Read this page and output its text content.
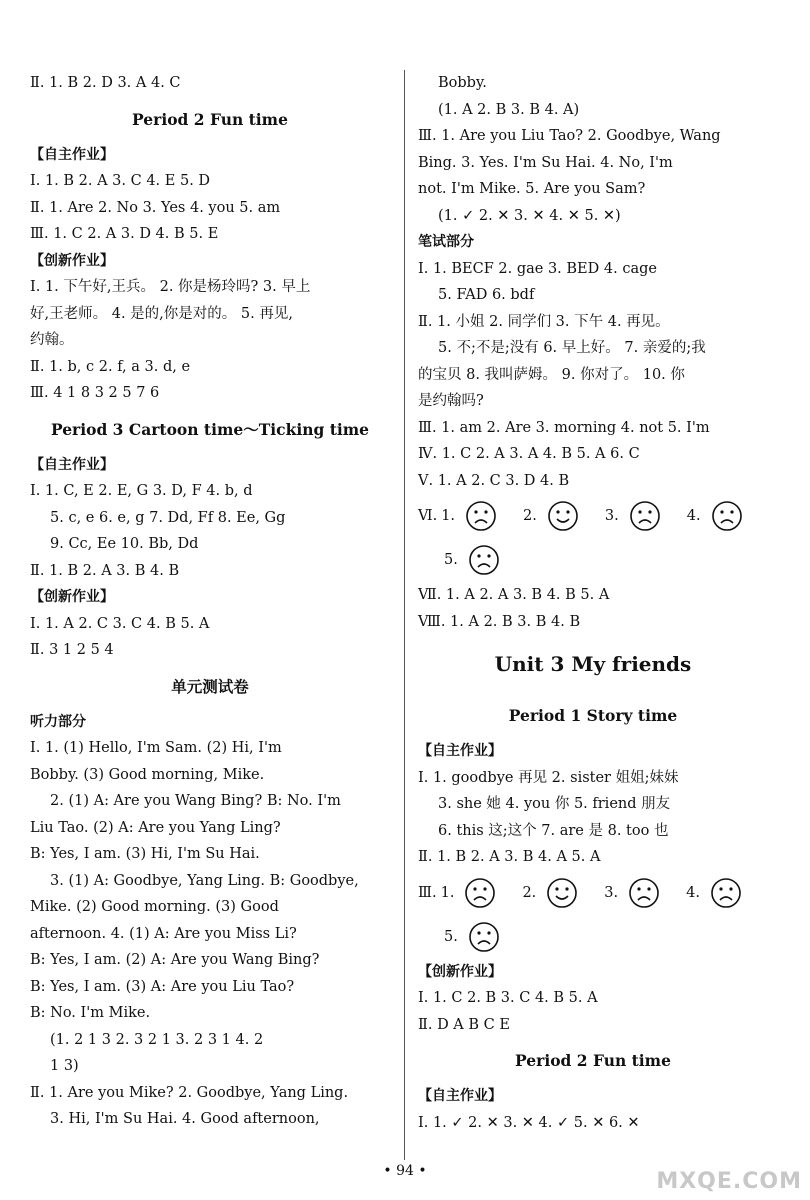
Ⅱ. 1. B 2. D 3. A 4. C
Period 2 Fun time
【自主作业】
Ⅰ. 1. B 2. A 3. C 4. E 5. D
Ⅱ. 1. Are 2. No 3. Yes 4. you 5. am
Ⅲ. 1. C 2. A 3. D 4. B 5. E
【创新作业】
Ⅰ. 1. 下午好,王兵。 2. 你是杨玲吗? 3. 早上
好,王老师。 4. 是的,你是对的。 5. 再见,
约翰。
Ⅱ. 1. b, c 2. f, a 3. d, e
Ⅲ. 4 1 8 3 2 5 7 6
Period 3 Cartoon time～Ticking time
【自主作业】
Ⅰ. 1. C, E 2. E, G 3. D, F 4. b, d
5. c, e 6. e, g 7. Dd, Ff 8. Ee, Gg
9. Cc, Ee 10. Bb, Dd
Ⅱ. 1. B 2. A 3. B 4. B
【创新作业】
Ⅰ. 1. A 2. C 3. C 4. B 5. A
Ⅱ. 3 1 2 5 4
单元测试卷
听力部分
Ⅰ. 1. (1) Hello, I'm Sam. (2) Hi, I'm
Bobby. (3) Good morning, Mike.
2. (1) A: Are you Wang Bing? B: No. I'm
Liu Tao. (2) A: Are you Yang Ling?
B: Yes, I am. (3) Hi, I'm Su Hai.
3. (1) A: Goodbye, Yang Ling. B: Goodbye,
Mike. (2) Good morning. (3) Good
afternoon. 4. (1) A: Are you Miss Li?
B: Yes, I am. (2) A: Are you Wang Bing?
B: Yes, I am. (3) A: Are you Liu Tao?
B: No. I'm Mike.
(1. 2 1 3 2. 3 2 1 3. 2 3 1 4. 2
1 3)
Ⅱ. 1. Are you Mike? 2. Goodbye, Yang Ling.
3. Hi, I'm Su Hai. 4. Good afternoon,
Bobby.
(1. A 2. B 3. B 4. A)
Ⅲ. 1. Are you Liu Tao? 2. Goodbye, Wang
Bing. 3. Yes. I'm Su Hai. 4. No, I'm
not. I'm Mike. 5. Are you Sam?
(1. ✓ 2. ✕ 3. ✕ 4. ✕ 5. ✕)
笔试部分
Ⅰ. 1. BECF 2. gae 3. BED 4. cage
5. FAD 6. bdf
Ⅱ. 1. 小姐 2. 同学们 3. 下午 4. 再见。
5. 不;不是;没有 6. 早上好。 7. 亲爱的;我
的宝贝 8. 我叫萨姆。 9. 你对了。 10. 你
是约翰吗?
Ⅲ. 1. am 2. Are 3. morning 4. not 5. I'm
Ⅳ. 1. C 2. A 3. A 4. B 5. A 6. C
Ⅴ. 1. A 2. C 3. D 4. B
Ⅵ. 1.	2.	3.	4.
5.
Ⅶ. 1. A 2. A 3. B 4. B 5. A
Ⅷ. 1. A 2. B 3. B 4. B
Unit 3 My friends
Period 1 Story time
【自主作业】
Ⅰ. 1. goodbye 再见 2. sister 姐姐;妹妹
3. she 她 4. you 你 5. friend 朋友
6. this 这;这个 7. are 是 8. too 也
Ⅱ. 1. B 2. A 3. B 4. A 5. A
Ⅲ. 1.	2.	3.	4.
5.
【创新作业】
Ⅰ. 1. C 2. B 3. C 4. B 5. A
Ⅱ. D A B C E
Period 2 Fun time
【自主作业】
Ⅰ. 1. ✓ 2. ✕ 3. ✕ 4. ✓ 5. ✕ 6. ✕
• 94 •	MXQE.COM
